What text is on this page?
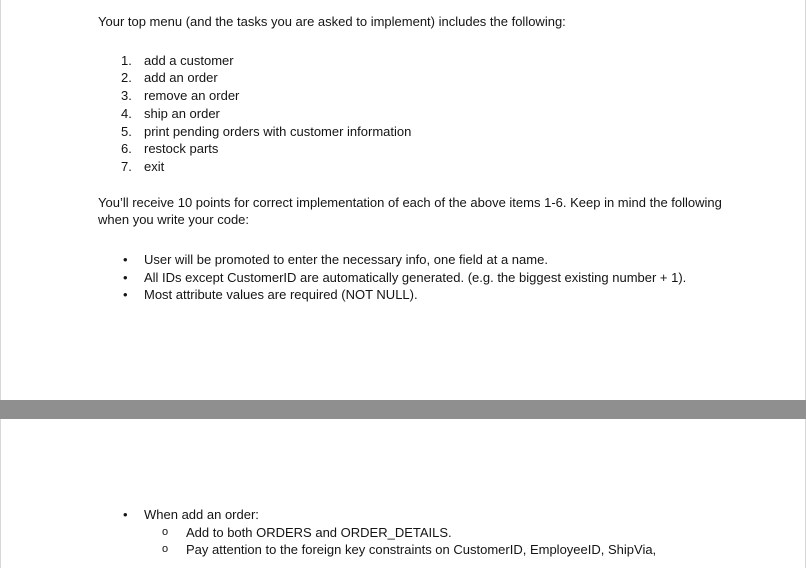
Your top menu (and the tasks you are asked to implement) includes the following:

add a customer
add an order
remove an order
ship an order
print pending orders with customer information
restock parts
exit

You’ll receive 10 points for correct implementation of each of the above items 1-6. Keep in mind the following when you write your code:

• User will be promoted to enter the necessary info, one field at a name.
• All IDs except CustomerID are automatically generated. (e.g. the biggest existing number + 1).
• Most attribute values are required (NOT NULL).
• When add an order:
o Add to both ORDERS and ORDER_DETAILS.
o Pay attention to the foreign key constraints on CustomerID, EmployeeID, ShipVia,
